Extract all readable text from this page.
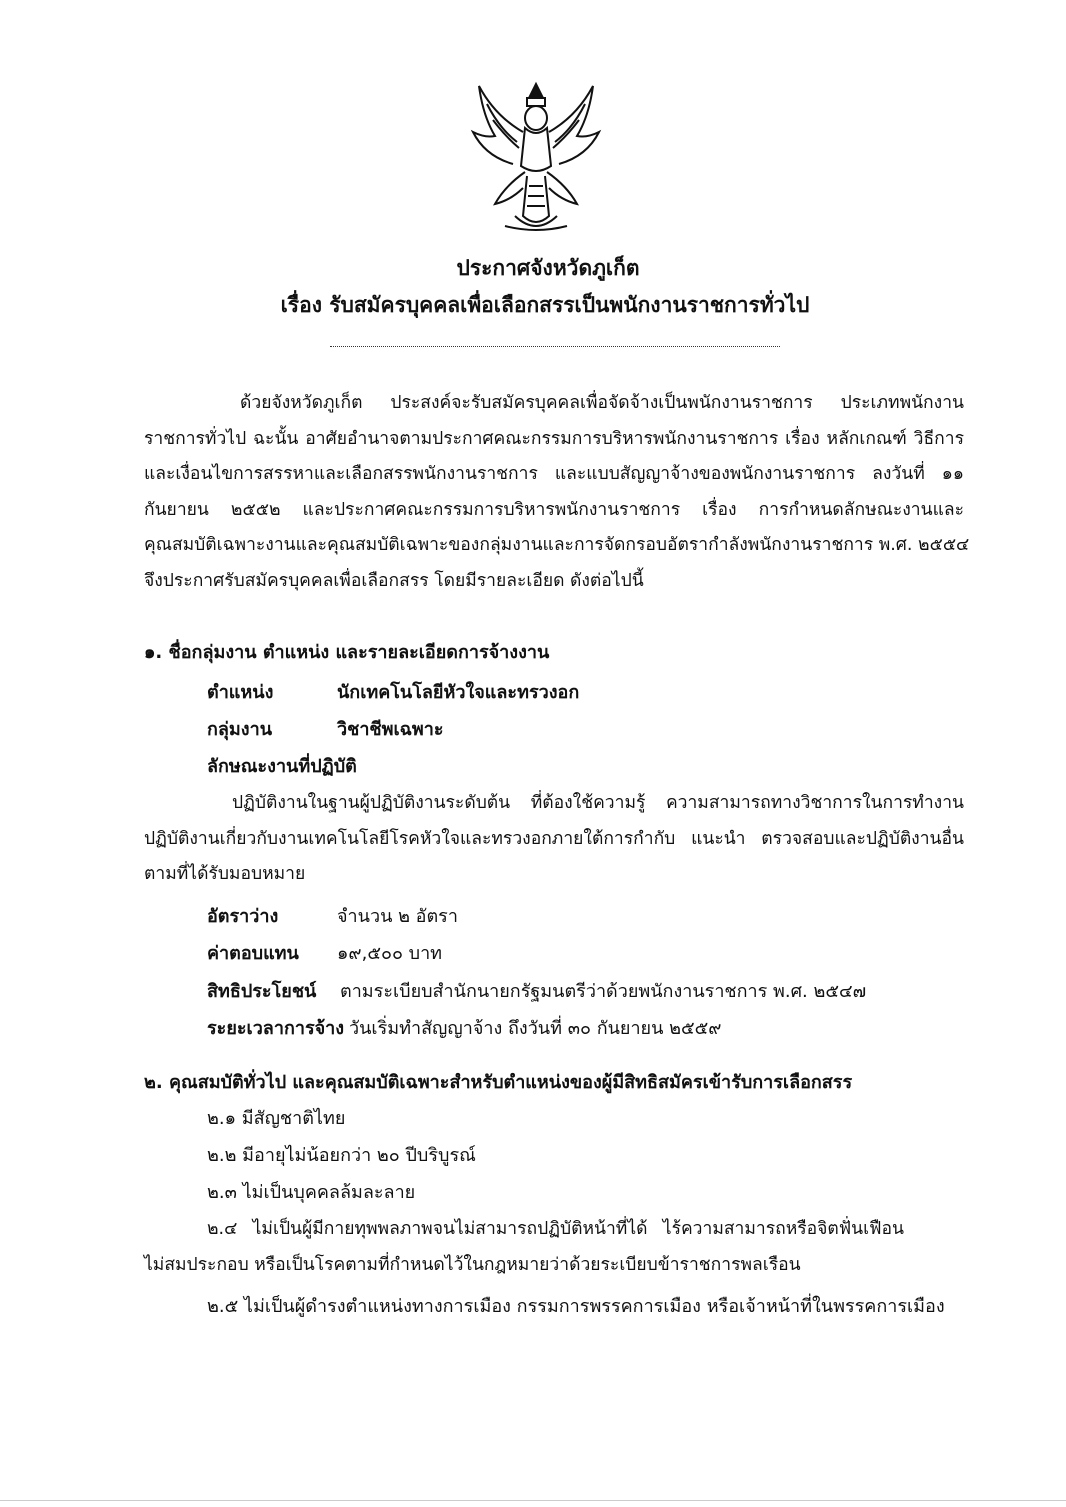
ประกาศจังหวัดภูเก็ต
เรื่อง รับสมัครบุคคลเพื่อเลือกสรรเป็นพนักงานราชการทั่วไป
ด้วยจังหวัดภูเก็ต ประสงค์จะรับสมัครบุคคลเพื่อจัดจ้างเป็นพนักงานราชการ ประเภทพนักงาน
ราชการทั่วไป ฉะนั้น อาศัยอำนาจตามประกาศคณะกรรมการบริหารพนักงานราชการ เรื่อง หลักเกณฑ์ วิธีการ
และเงื่อนไขการสรรหาและเลือกสรรพนักงานราชการ และแบบสัญญาจ้างของพนักงานราชการ ลงวันที่ ๑๑
กันยายน ๒๕๕๒ และประกาศคณะกรรมการบริหารพนักงานราชการ เรื่อง การกำหนดลักษณะงานและ
คุณสมบัติเฉพาะงานและคุณสมบัติเฉพาะของกลุ่มงานและการจัดกรอบอัตรากำลังพนักงานราชการ พ.ศ. ๒๕๕๔
จึงประกาศรับสมัครบุคคลเพื่อเลือกสรร โดยมีรายละเอียด ดังต่อไปนี้
๑. ชื่อกลุ่มงาน ตำแหน่ง และรายละเอียดการจ้างงาน
ตำแหน่ง	นักเทคโนโลยีหัวใจและทรวงอก
กลุ่มงาน	วิชาชีพเฉพาะ
ลักษณะงานที่ปฏิบัติ
ปฏิบัติงานในฐานผู้ปฏิบัติงานระดับต้น ที่ต้องใช้ความรู้ ความสามารถทางวิชาการในการทำงาน
ปฏิบัติงานเกี่ยวกับงานเทคโนโลยีโรคหัวใจและทรวงอกภายใต้การกำกับ แนะนำ ตรวจสอบและปฏิบัติงานอื่น
ตามที่ได้รับมอบหมาย
อัตราว่าง	จำนวน ๒ อัตรา
ค่าตอบแทน ๑๙,๕๐๐ บาท
สิทธิประโยชน์ ตามระเบียบสำนักนายกรัฐมนตรีว่าด้วยพนักงานราชการ พ.ศ. ๒๕๔๗
ระยะเวลาการจ้าง วันเริ่มทำสัญญาจ้าง ถึงวันที่ ๓๐ กันยายน ๒๕๕๙
๒. คุณสมบัติทั่วไป และคุณสมบัติเฉพาะสำหรับตำแหน่งของผู้มีสิทธิสมัครเข้ารับการเลือกสรร
๒.๑ มีสัญชาติไทย
๒.๒ มีอายุไม่น้อยกว่า ๒๐ ปีบริบูรณ์
๒.๓ ไม่เป็นบุคคลล้มละลาย
๒.๔ ไม่เป็นผู้มีกายทุพพลภาพจนไม่สามารถปฏิบัติหน้าที่ได้ ไร้ความสามารถหรือจิตฟั่นเฟือน
ไม่สมประกอบ หรือเป็นโรคตามที่กำหนดไว้ในกฎหมายว่าด้วยระเบียบข้าราชการพลเรือน
๒.๕ ไม่เป็นผู้ดำรงตำแหน่งทางการเมือง กรรมการพรรคการเมือง หรือเจ้าหน้าที่ในพรรคการเมือง
